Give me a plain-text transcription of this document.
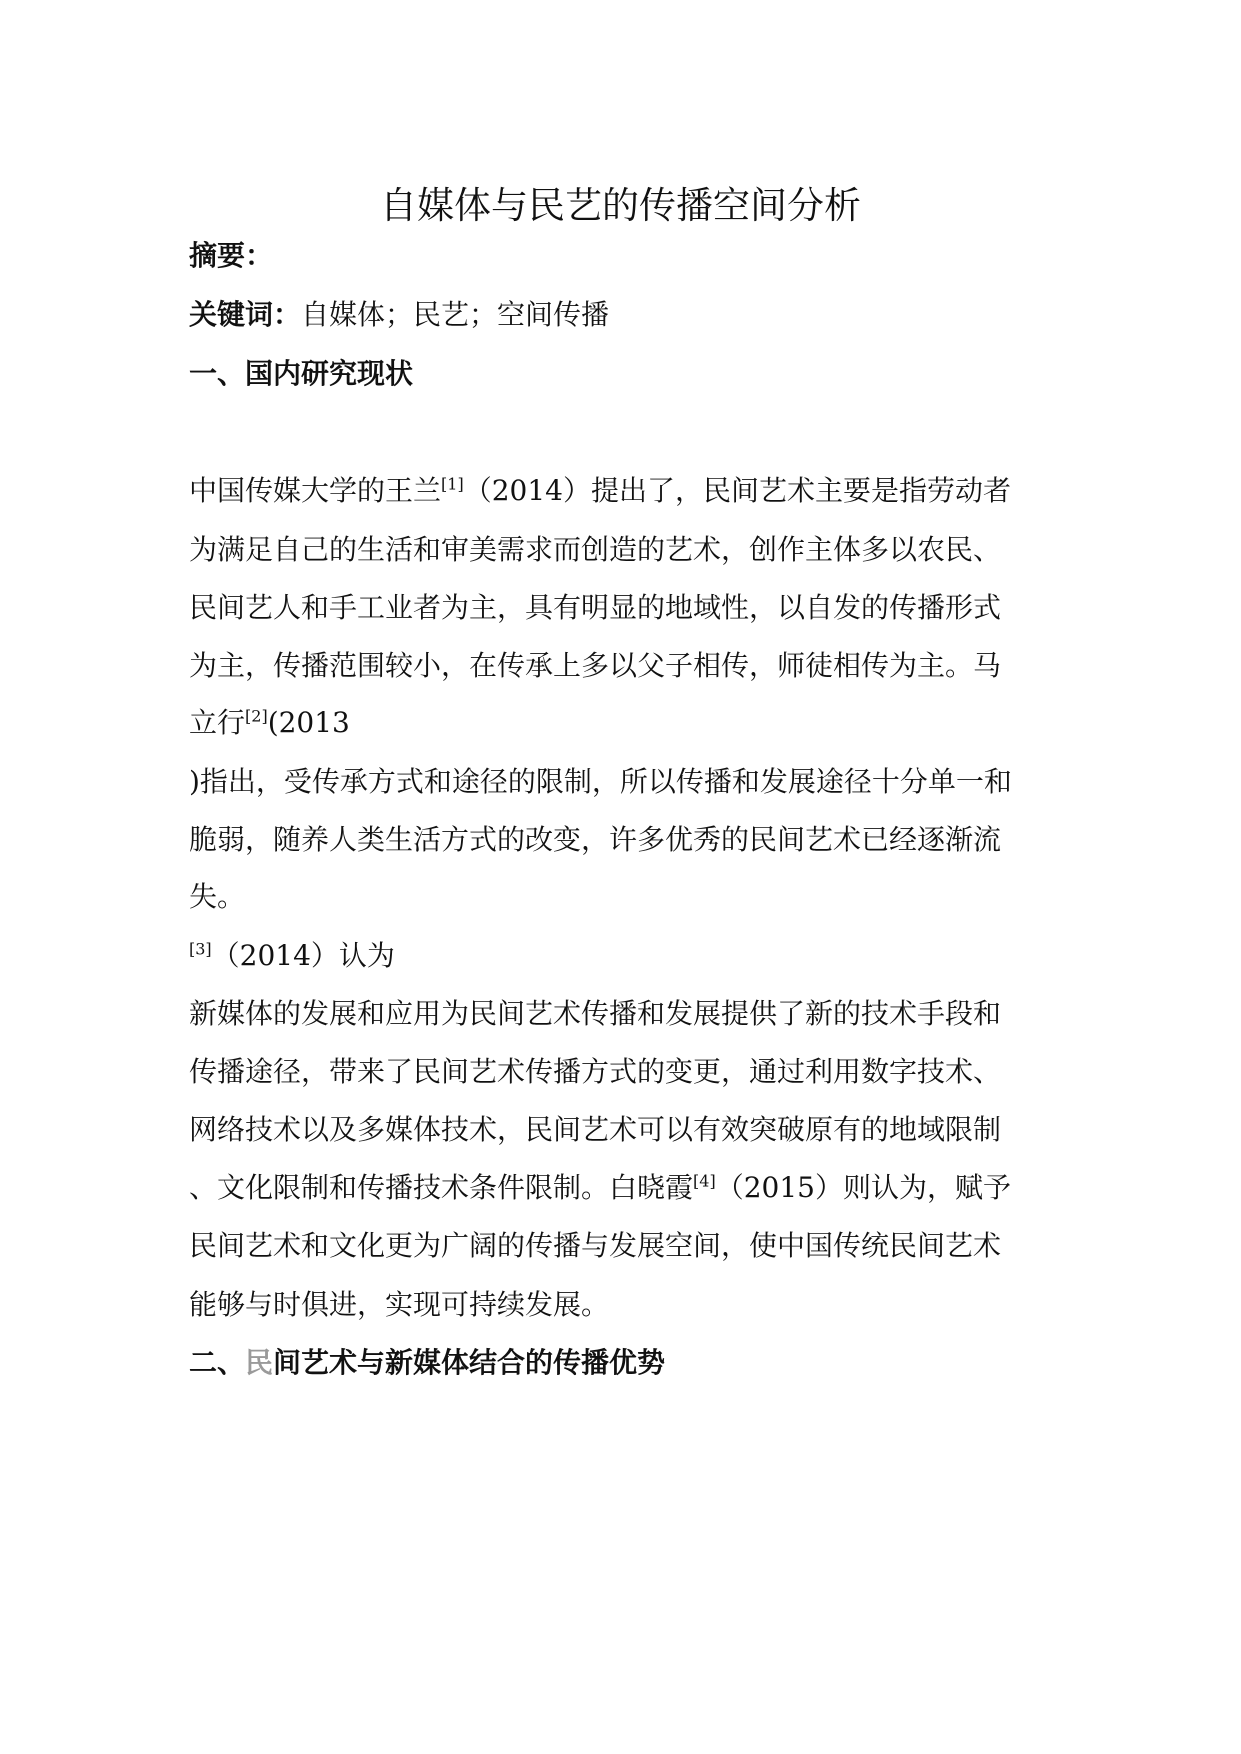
自媒体与民艺的传播空间分析

摘要：

关键词：自媒体；民艺；空间传播

一、国内研究现状

中国传媒大学的王兰[1]（2014）提出了，民间艺术主要是指劳动者

为满足自己的生活和审美需求而创造的艺术，创作主体多以农民、

民间艺人和手工业者为主，具有明显的地域性，以自发的传播形式

为主，传播范围较小，在传承上多以父子相传，师徒相传为主。马

立行[2](2013

)指出，受传承方式和途径的限制，所以传播和发展途径十分单一和

脆弱，随养人类生活方式的改变，许多优秀的民间艺术已经逐渐流

失。

[3]（2014）认为

新媒体的发展和应用为民间艺术传播和发展提供了新的技术手段和

传播途径，带来了民间艺术传播方式的变更，通过利用数字技术、

网络技术以及多媒体技术，民间艺术可以有效突破原有的地域限制

、文化限制和传播技术条件限制。白晓霞[4]（2015）则认为，赋予

民间艺术和文化更为广阔的传播与发展空间，使中国传统民间艺术

能够与时俱进，实现可持续发展。

二、民间艺术与新媒体结合的传播优势
